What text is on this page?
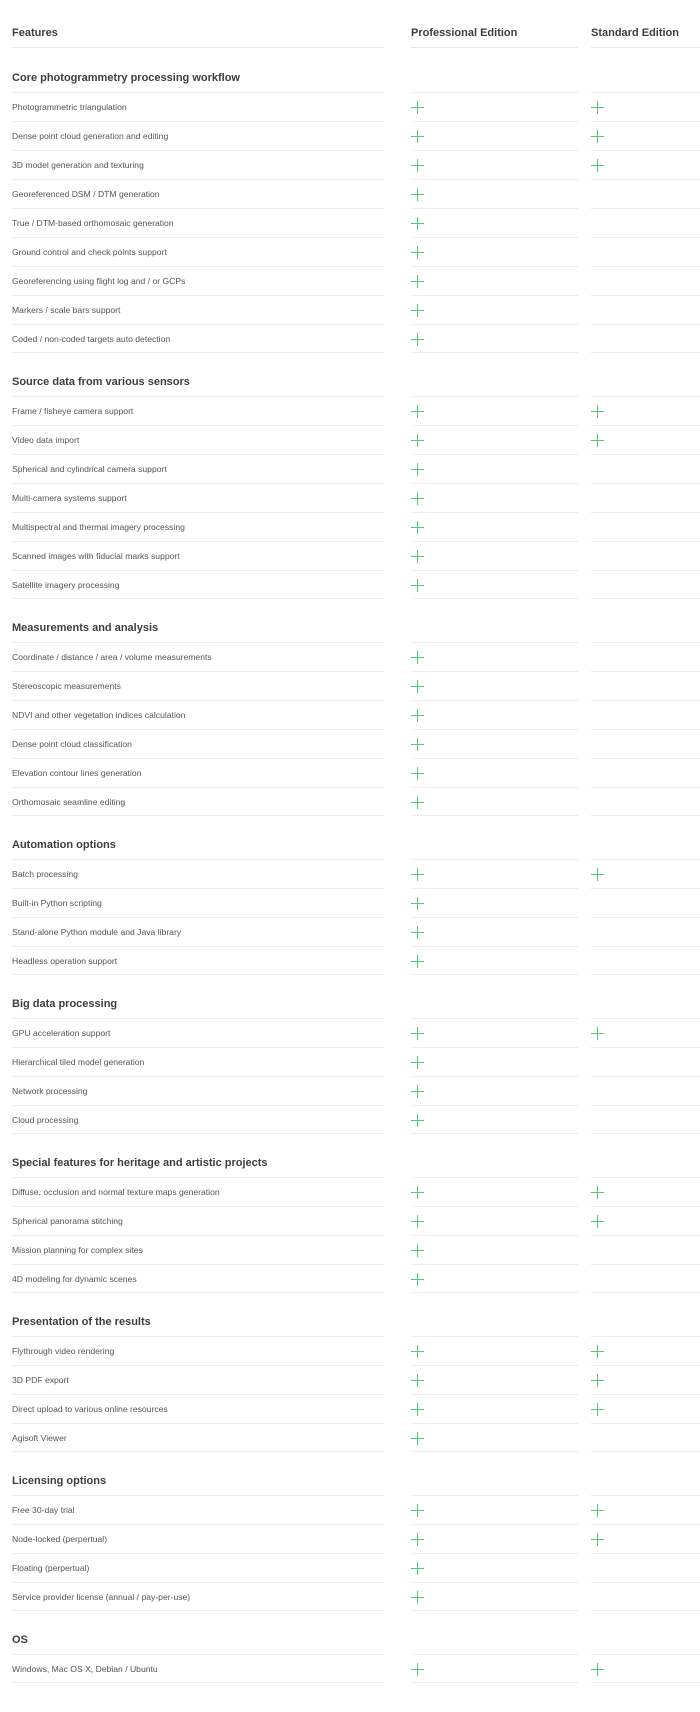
Features	Professional Edition	Standard Edition
Core photogrammetry processing workflow
Photogrammetric triangulation
Dense point cloud generation and editing
3D model generation and texturing
Georeferenced DSM / DTM generation
True / DTM-based orthomosaic generation
Ground control and check points support
Georeferencing using flight log and / or GCPs
Markers / scale bars support
Coded / non-coded targets auto detection
Source data from various sensors
Frame / fisheye camera support
Video data import
Spherical and cylindrical camera support
Multi-camera systems support
Multispectral and thermal imagery processing
Scanned images with fiducial marks support
Satellite imagery processing
Measurements and analysis
Coordinate / distance / area / volume measurements
Stereoscopic measurements
NDVI and other vegetation indices calculation
Dense point cloud classification
Elevation contour lines generation
Orthomosaic seamline editing
Automation options
Batch processing
Built-in Python scripting
Stand-alone Python module and Java library
Headless operation support
Big data processing
GPU acceleration support
Hierarchical tiled model generation
Network processing
Cloud processing
Special features for heritage and artistic projects
Diffuse, occlusion and normal texture maps generation
Spherical panorama stitching
Mission planning for complex sites
4D modeling for dynamic scenes
Presentation of the results
Flythrough video rendering
3D PDF export
Direct upload to various online resources
Agisoft Viewer
Licensing options
Free 30-day trial
Node-locked (perpertual)
Floating (perpertual)
Service provider license (annual / pay-per-use)
OS
Windows, Mac OS X, Debian / Ubuntu
